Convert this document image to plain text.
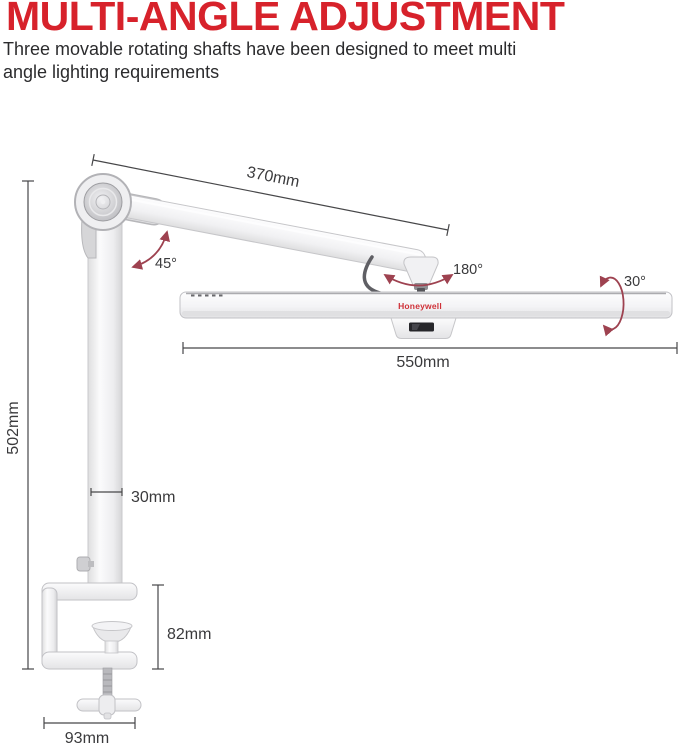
MULTI-ANGLE ADJUSTMENT
Three movable rotating shafts have been designed to meet multi angle lighting requirements
370mm
550mm
502mm
30mm
82mm
93mm
45°	180°
30°
Honeywell
